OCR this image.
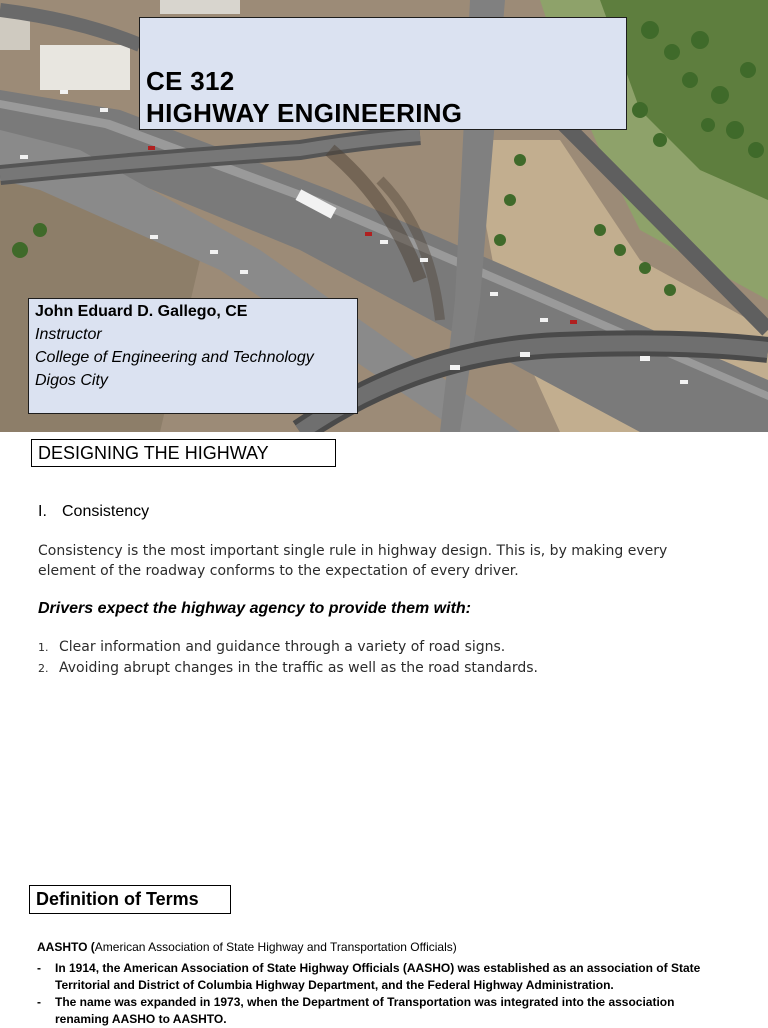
CE 312
HIGHWAY ENGINEERING
John Eduard D. Gallego, CE
Instructor
College of Engineering and Technology
Digos City
DESIGNING THE HIGHWAY
I. Consistency
Consistency is the most important single rule in highway design. This is, by making every
element of the roadway conforms to the expectation of every driver.
Drivers expect the highway agency to provide them with:
1. Clear information and guidance through a variety of road signs.
2. Avoiding abrupt changes in the traffic as well as the road standards.
Definition of Terms
AASHTO (American Association of State Highway and Transportation Officials)
- In 1914, the American Association of State Highway Officials (AASHO) was established as an association of State
Territorial and District of Columbia Highway Department, and the Federal Highway Administration.
- The name was expanded in 1973, when the Department of Transportation was integrated into the association
renaming AASHO to AASHTO.
